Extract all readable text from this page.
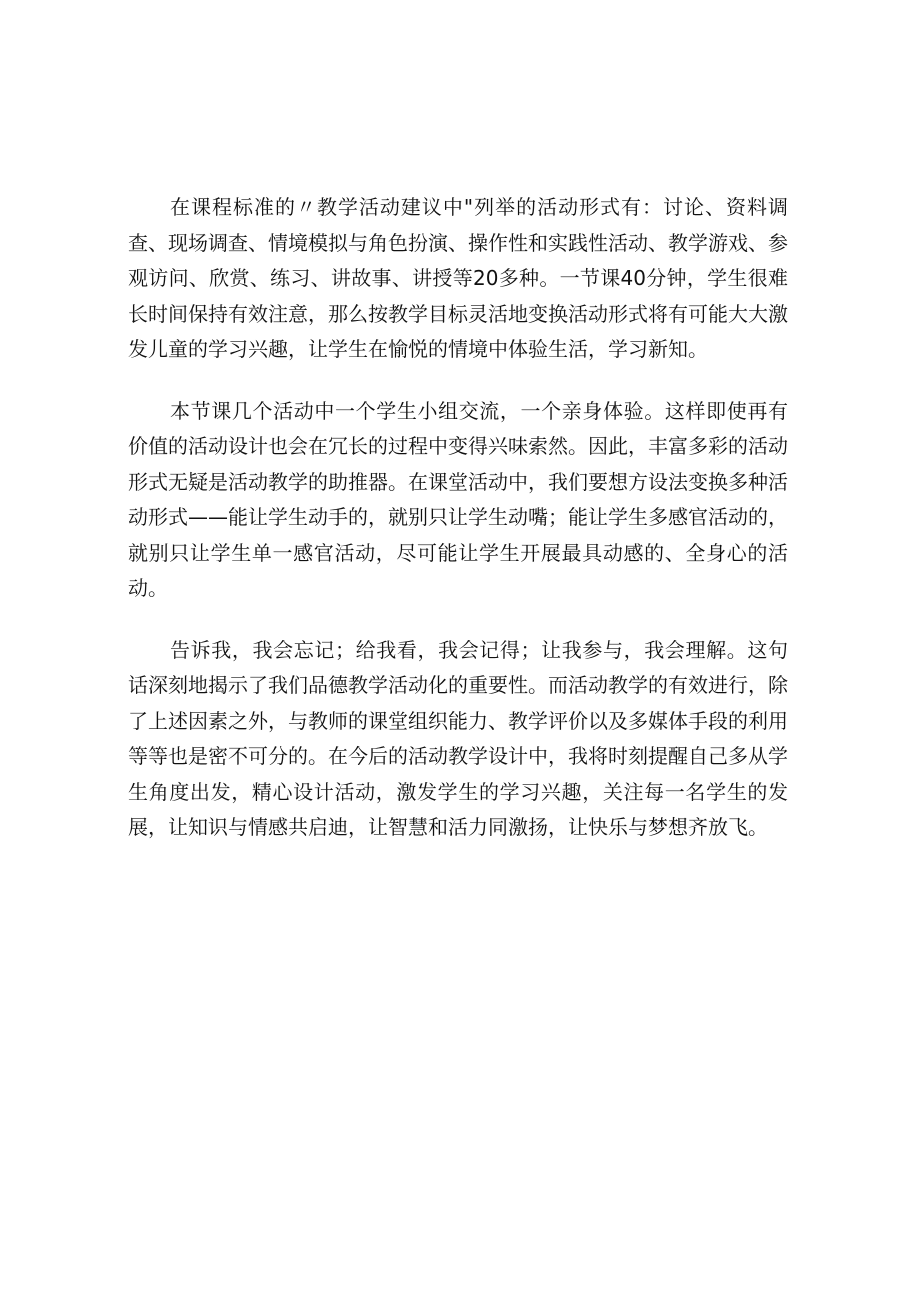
在课程标准的〃教学活动建议中"列举的活动形式有：讨论、资料调查、现场调查、情境模拟与角色扮演、操作性和实践性活动、教学游戏、参观访问、欣赏、练习、讲故事、讲授等20多种。一节课40分钟，学生很难长时间保持有效注意，那么按教学目标灵活地变换活动形式将有可能大大激发儿童的学习兴趣，让学生在愉悦的情境中体验生活，学习新知。

本节课几个活动中一个学生小组交流，一个亲身体验。这样即使再有价值的活动设计也会在冗长的过程中变得兴味索然。因此，丰富多彩的活动形式无疑是活动教学的助推器。在课堂活动中，我们要想方设法变换多种活动形式——能让学生动手的，就别只让学生动嘴；能让学生多感官活动的，就别只让学生单一感官活动，尽可能让学生开展最具动感的、全身心的活动。

告诉我，我会忘记；给我看，我会记得；让我参与，我会理解。这句话深刻地揭示了我们品德教学活动化的重要性。而活动教学的有效进行，除了上述因素之外，与教师的课堂组织能力、教学评价以及多媒体手段的利用等等也是密不可分的。在今后的活动教学设计中，我将时刻提醒自己多从学生角度出发，精心设计活动，激发学生的学习兴趣，关注每一名学生的发展，让知识与情感共启迪，让智慧和活力同激扬，让快乐与梦想齐放飞。
